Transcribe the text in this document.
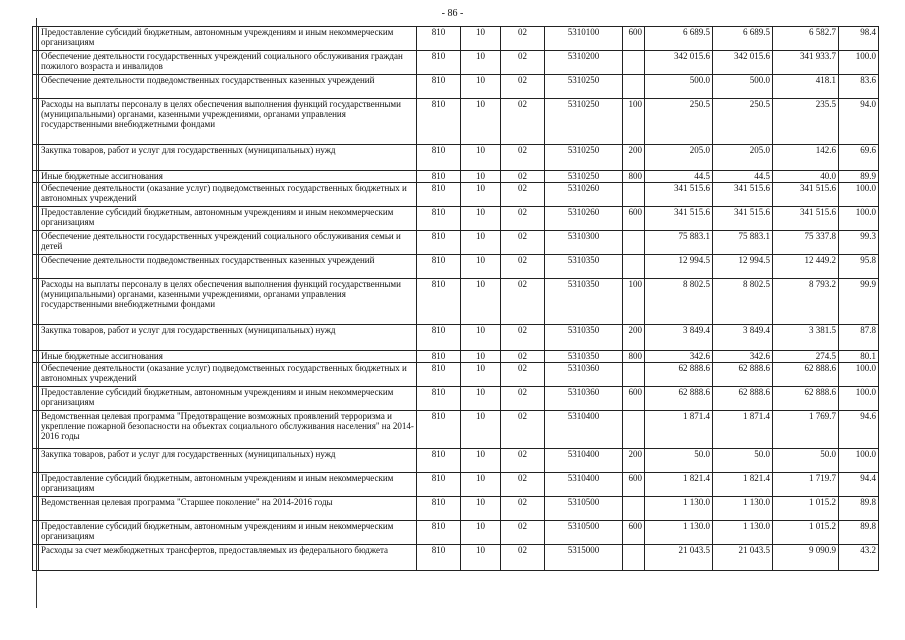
- 86 -
	Предоставление субсидий бюджетным, автономным учреждениям и иным некоммерческим организациям	810	10	02	5310100	600	6 689.5	6 689.5	6 582.7	98.4
	Обеспечение деятельности государственных учреждений социального обслуживания граждан пожилого возраста и инвалидов	810	10	02	5310200		342 015.6	342 015.6	341 933.7	100.0
	Обеспечение деятельности подведомственных государственных казенных учреждений	810	10	02	5310250		500.0	500.0	418.1	83.6
	Расходы на выплаты персоналу в целях обеспечения выполнения функций государственными (муниципальными) органами, казенными учреждениями, органами управления государственными внебюджетными фондами	810	10	02	5310250	100	250.5	250.5	235.5	94.0
	Закупка товаров, работ и услуг для государственных (муниципальных) нужд	810	10	02	5310250	200	205.0	205.0	142.6	69.6
	Иные бюджетные ассигнования	810	10	02	5310250	800	44.5	44.5	40.0	89.9
	Обеспечение деятельности (оказание услуг) подведомственных государственных бюджетных и автономных учреждений	810	10	02	5310260		341 515.6	341 515.6	341 515.6	100.0
	Предоставление субсидий бюджетным, автономным учреждениям и иным некоммерческим организациям	810	10	02	5310260	600	341 515.6	341 515.6	341 515.6	100.0
	Обеспечение деятельности государственных учреждений социального обслуживания семьи и детей	810	10	02	5310300		75 883.1	75 883.1	75 337.8	99.3
	Обеспечение деятельности подведомственных государственных казенных учреждений	810	10	02	5310350		12 994.5	12 994.5	12 449.2	95.8
	Расходы на выплаты персоналу в целях обеспечения выполнения функций государственными (муниципальными) органами, казенными учреждениями, органами управления государственными внебюджетными фондами	810	10	02	5310350	100	8 802.5	8 802.5	8 793.2	99.9
	Закупка товаров, работ и услуг для государственных (муниципальных) нужд	810	10	02	5310350	200	3 849.4	3 849.4	3 381.5	87.8
	Иные бюджетные ассигнования	810	10	02	5310350	800	342.6	342.6	274.5	80.1
	Обеспечение деятельности (оказание услуг) подведомственных государственных бюджетных и автономных учреждений	810	10	02	5310360		62 888.6	62 888.6	62 888.6	100.0
	Предоставление субсидий бюджетным, автономным учреждениям и иным некоммерческим организациям	810	10	02	5310360	600	62 888.6	62 888.6	62 888.6	100.0
	Ведомственная целевая программа "Предотвращение возможных проявлений терроризма и укрепление пожарной безопасности на объектах социального обслуживания населения" на 2014-2016 годы	810	10	02	5310400		1 871.4	1 871.4	1 769.7	94.6
	Закупка товаров, работ и услуг для государственных (муниципальных) нужд	810	10	02	5310400	200	50.0	50.0	50.0	100.0
	Предоставление субсидий бюджетным, автономным учреждениям и иным некоммерческим организациям	810	10	02	5310400	600	1 821.4	1 821.4	1 719.7	94.4
	Ведомственная целевая программа "Старшее поколение" на 2014-2016 годы	810	10	02	5310500		1 130.0	1 130.0	1 015.2	89.8
	Предоставление субсидий бюджетным, автономным учреждениям и иным некоммерческим организациям	810	10	02	5310500	600	1 130.0	1 130.0	1 015.2	89.8
	Расходы за счет межбюджетных трансфертов, предоставляемых из федерального бюджета	810	10	02	5315000		21 043.5	21 043.5	9 090.9	43.2
